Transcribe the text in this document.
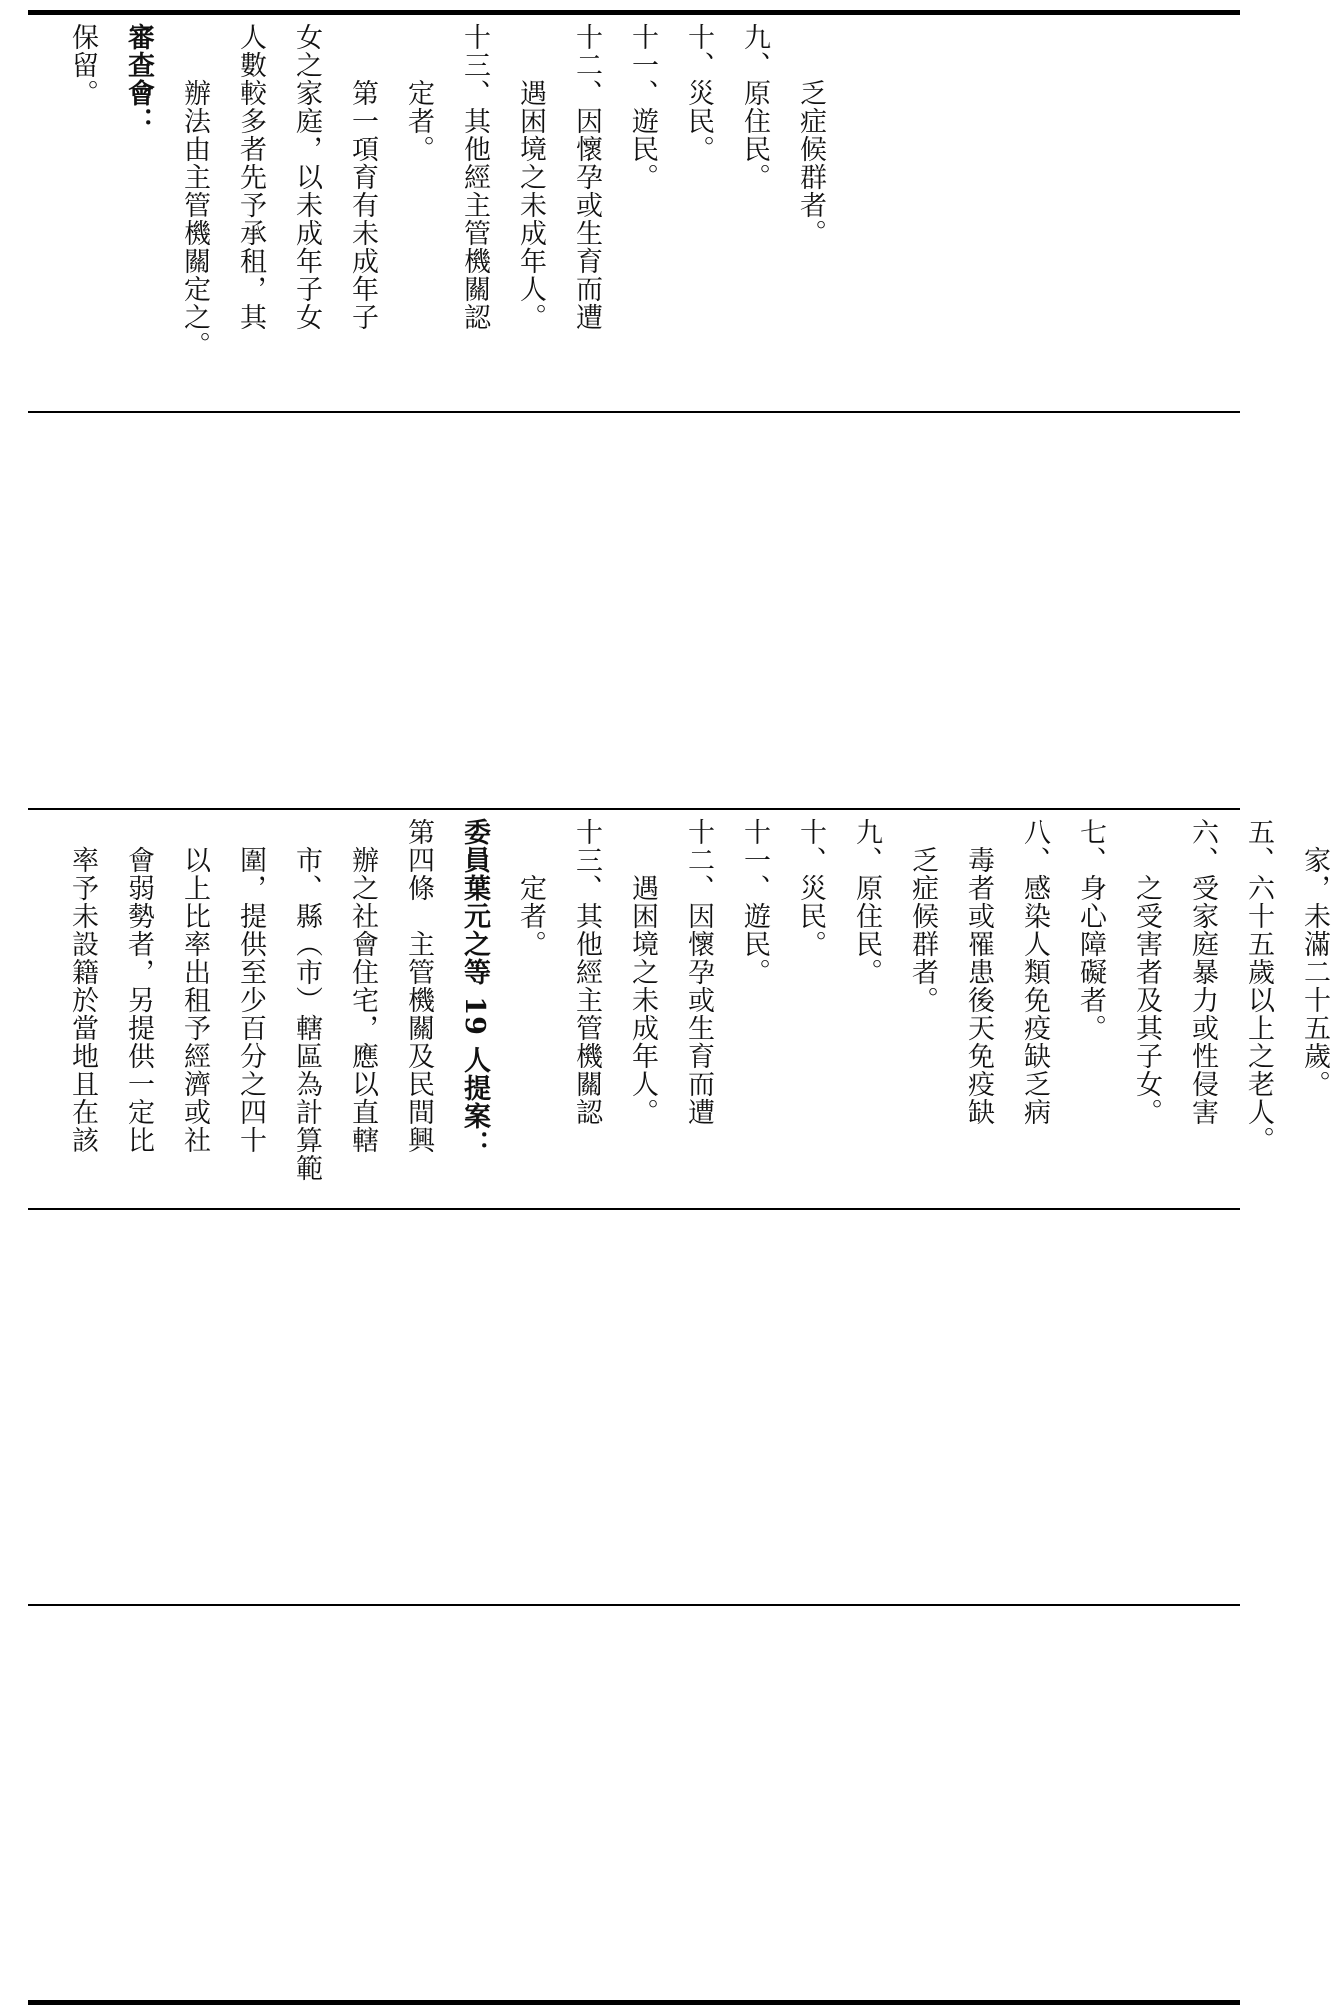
　　乏症候群者。
九、原住民。
十、災民。
十一、遊民。
十二、因懷孕或生育而遭
　　遇困境之未成年人。
十三、其他經主管機關認
　　定者。
　　第一項育有未成年子
女之家庭，以未成年子女
人數較多者先予承租，其
　　辦法由主管機關定之。
審查會：
保留。
　家，未滿二十五歲。
五、六十五歲以上之老人。
六、受家庭暴力或性侵害
　　之受害者及其子女。
七、身心障礙者。
八、感染人類免疫缺乏病
　毒者或罹患後天免疫缺
　乏症候群者。
九、原住民。
十、災民。
十一、遊民。
十二、因懷孕或生育而遭
　　遇困境之未成年人。
十三、其他經主管機關認
　　定者。
委員葉元之等 19 人提案：
第四條　主管機關及民間興
　辦之社會住宅，應以直轄
　市、縣（市）轄區為計算範
　圍，提供至少百分之四十
　以上比率出租予經濟或社
　會弱勢者，另提供一定比
　率予未設籍於當地且在該
